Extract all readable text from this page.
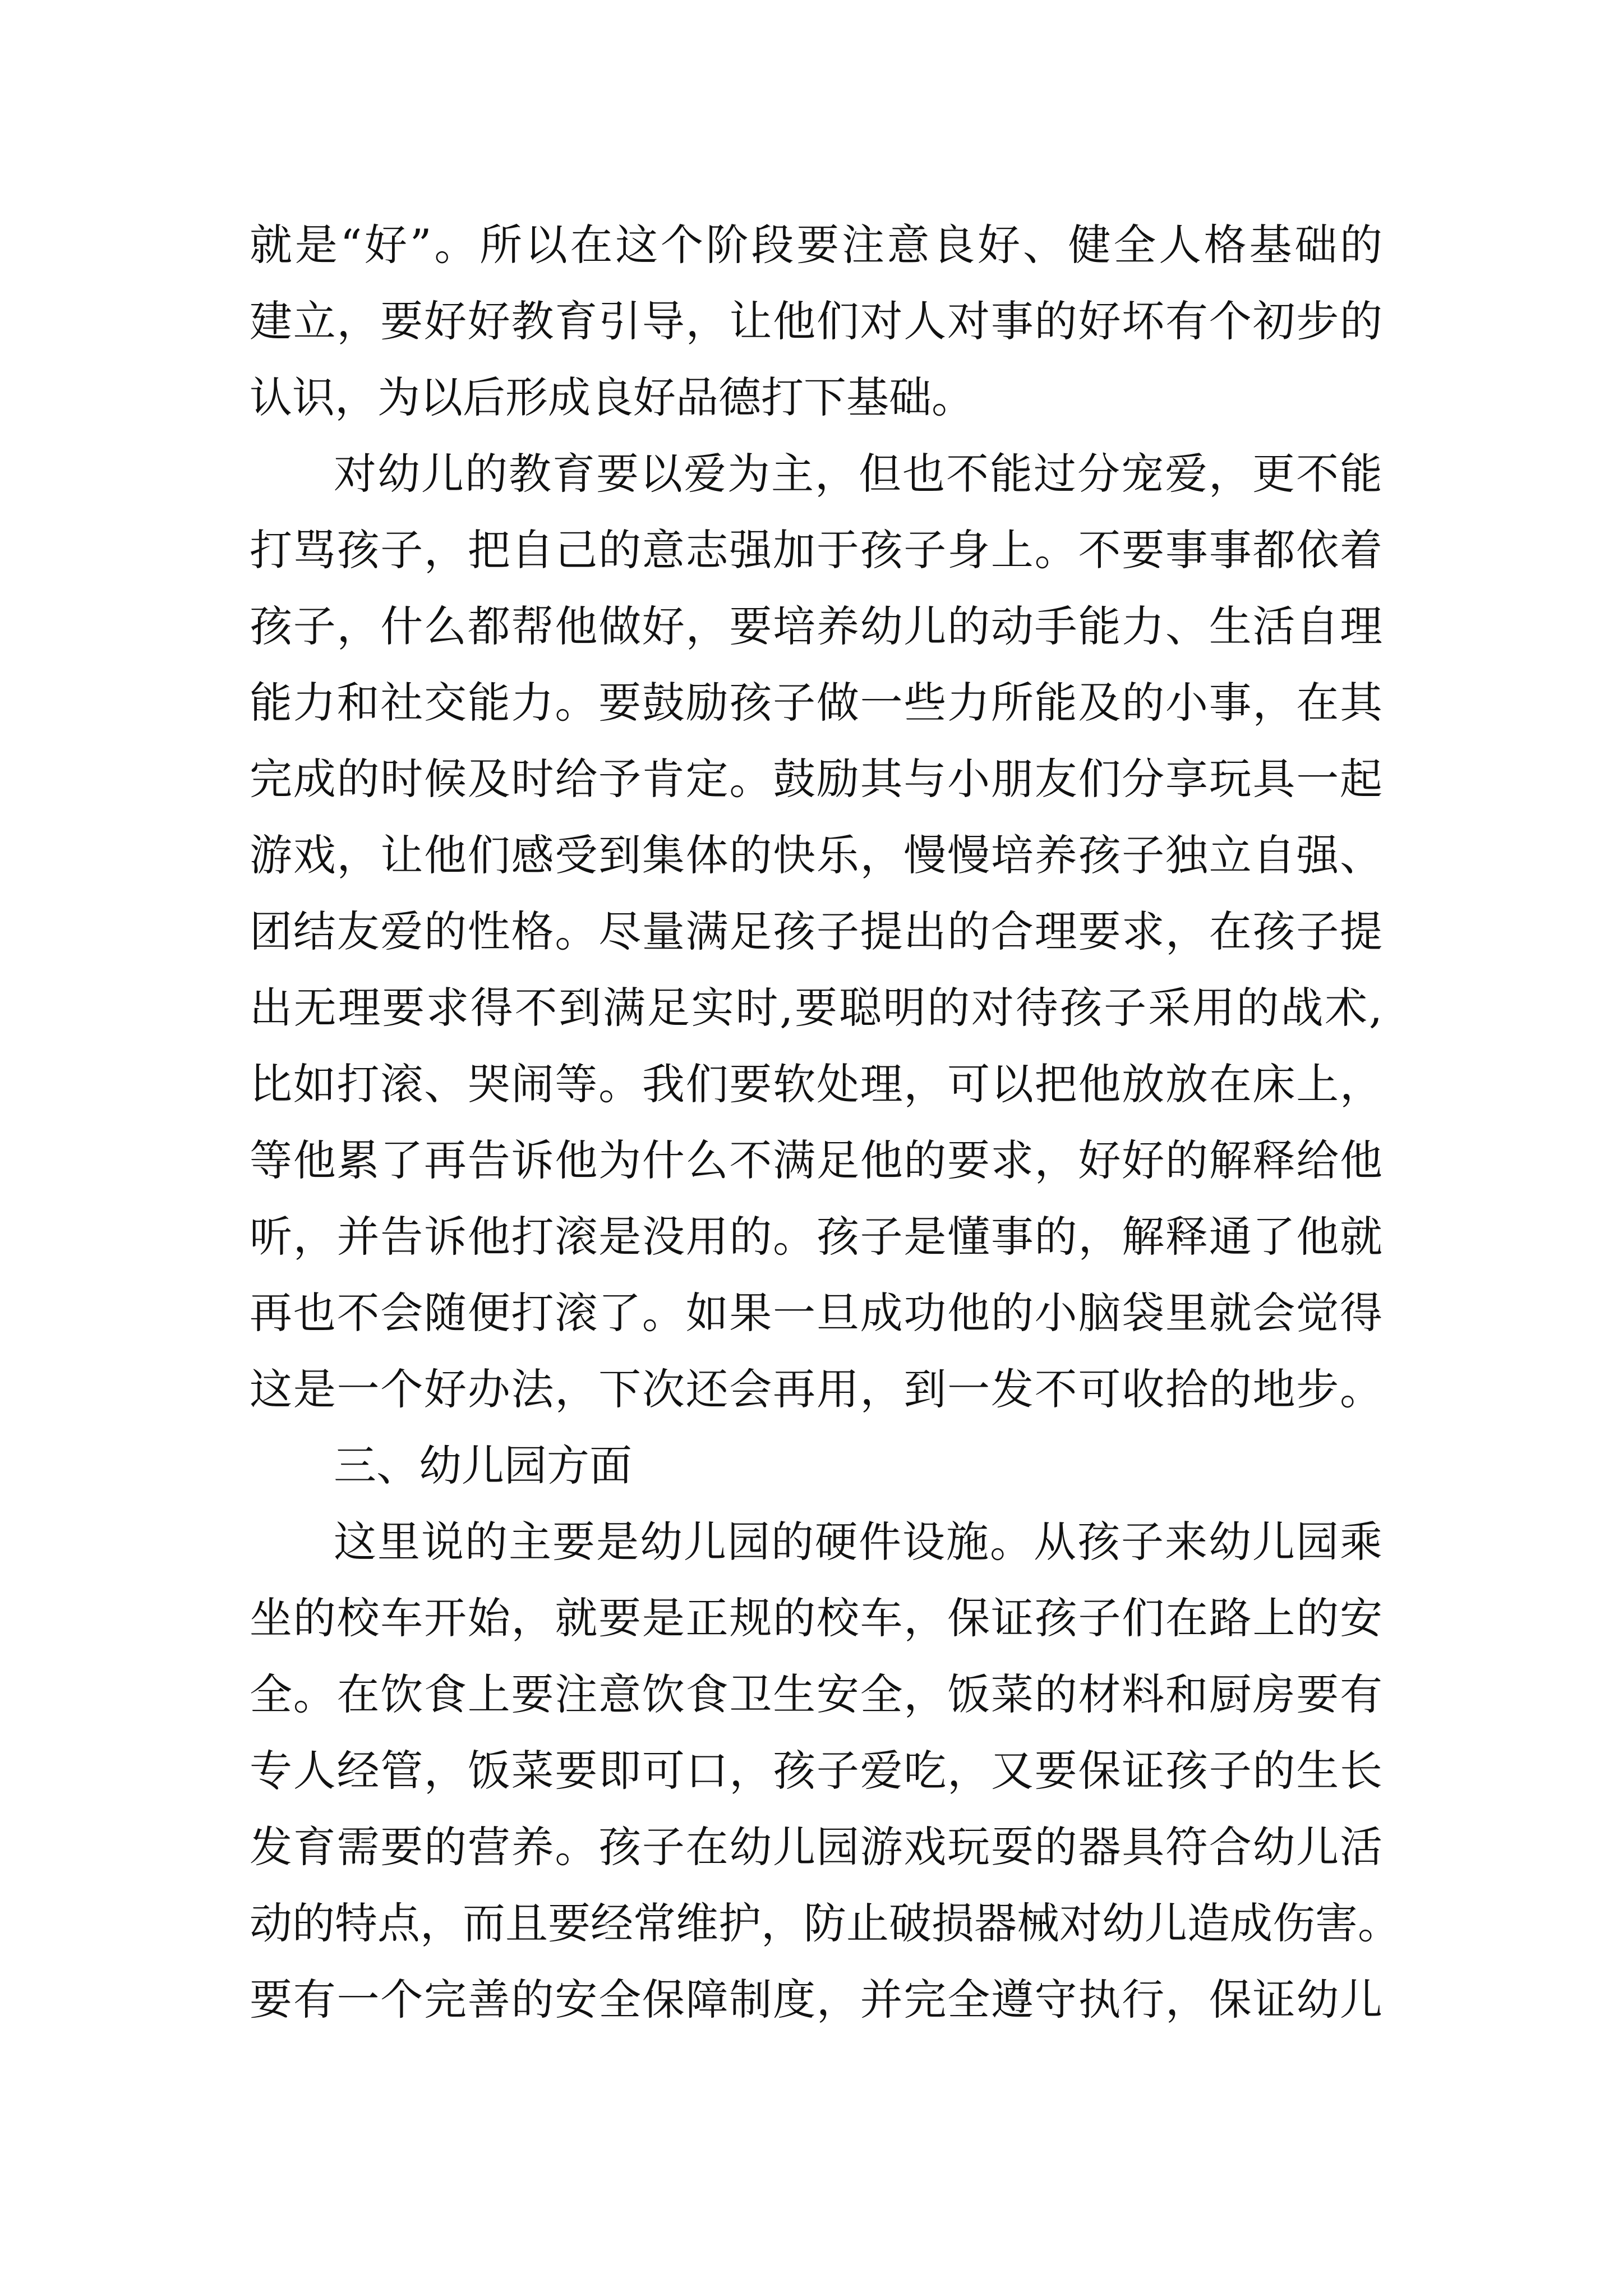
就是“好”。所以在这个阶段要注意良好、健全人格基础的
建立，要好好教育引导，让他们对人对事的好坏有个初步的
认识，为以后形成良好品德打下基础。
对幼儿的教育要以爱为主，但也不能过分宠爱，更不能
打骂孩子，把自己的意志强加于孩子身上。不要事事都依着
孩子，什么都帮他做好，要培养幼儿的动手能力、生活自理
能力和社交能力。要鼓励孩子做一些力所能及的小事，在其
完成的时候及时给予肯定。鼓励其与小朋友们分享玩具一起
游戏，让他们感受到集体的快乐，慢慢培养孩子独立自强、
团结友爱的性格。尽量满足孩子提出的合理要求，在孩子提
出无理要求得不到满足实时,要聪明的对待孩子采用的战术,
比如打滚、哭闹等。我们要软处理，可以把他放放在床上，
等他累了再告诉他为什么不满足他的要求，好好的解释给他
听，并告诉他打滚是没用的。孩子是懂事的，解释通了他就
再也不会随便打滚了。如果一旦成功他的小脑袋里就会觉得
这是一个好办法，下次还会再用，到一发不可收拾的地步。
三、幼儿园方面
这里说的主要是幼儿园的硬件设施。从孩子来幼儿园乘
坐的校车开始，就要是正规的校车，保证孩子们在路上的安
全。在饮食上要注意饮食卫生安全，饭菜的材料和厨房要有
专人经管，饭菜要即可口，孩子爱吃，又要保证孩子的生长
发育需要的营养。孩子在幼儿园游戏玩耍的器具符合幼儿活
动的特点，而且要经常维护，防止破损器械对幼儿造成伤害。
要有一个完善的安全保障制度，并完全遵守执行，保证幼儿
